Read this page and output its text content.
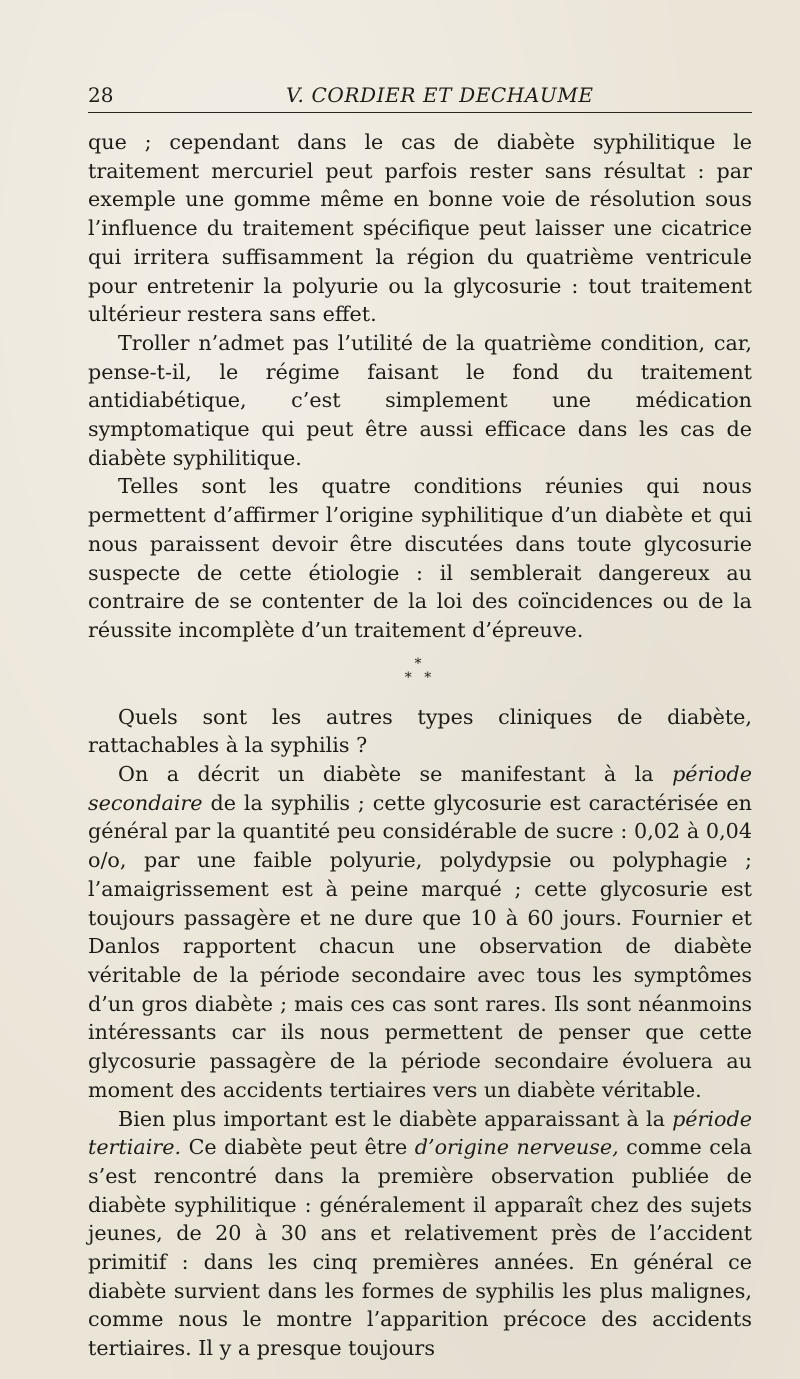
28	V. CORDIER ET DECHAUME

que ; cependant dans le cas de diabète syphilitique le traitement mercuriel peut parfois rester sans résultat : par exemple une gomme même en bonne voie de résolution sous l’influence du traitement spécifique peut laisser une cicatrice qui irritera suffisamment la région du quatrième ventricule pour entretenir la polyurie ou la glycosurie : tout traitement ultérieur restera sans effet.

Troller n’admet pas l’utilité de la quatrième condition, car, pense-t-il, le régime faisant le fond du traitement antidiabétique, c’est simplement une médication symptomatique qui peut être aussi efficace dans les cas de diabète syphilitique.

Telles sont les quatre conditions réunies qui nous permettent d’affirmer l’origine syphilitique d’un diabète et qui nous paraissent devoir être discutées dans toute glycosurie suspecte de cette étiologie : il semblerait dangereux au contraire de se contenter de la loi des coïncidences ou de la réussite incomplète d’un traitement d’épreuve.

*
* *

Quels sont les autres types cliniques de diabète, rattachables à la syphilis ?

On a décrit un diabète se manifestant à la période secondaire de la syphilis ; cette glycosurie est caractérisée en général par la quantité peu considérable de sucre : 0,02 à 0,04 o/o, par une faible polyurie, polydypsie ou polyphagie ; l’amaigrissement est à peine marqué ; cette glycosurie est toujours passagère et ne dure que 10 à 60 jours. Fournier et Danlos rapportent chacun une observation de diabète véritable de la période secondaire avec tous les symptômes d’un gros diabète ; mais ces cas sont rares. Ils sont néanmoins intéressants car ils nous permettent de penser que cette glycosurie passagère de la période secondaire évoluera au moment des accidents tertiaires vers un diabète véritable.

Bien plus important est le diabète apparaissant à la période tertiaire. Ce diabète peut être d’origine nerveuse, comme cela s’est rencontré dans la première observation publiée de diabète syphilitique : généralement il apparaît chez des sujets jeunes, de 20 à 30 ans et relativement près de l’accident primitif : dans les cinq premières années. En général ce diabète survient dans les formes de syphilis les plus malignes, comme nous le montre l’apparition précoce des accidents tertiaires. Il y a presque toujours
